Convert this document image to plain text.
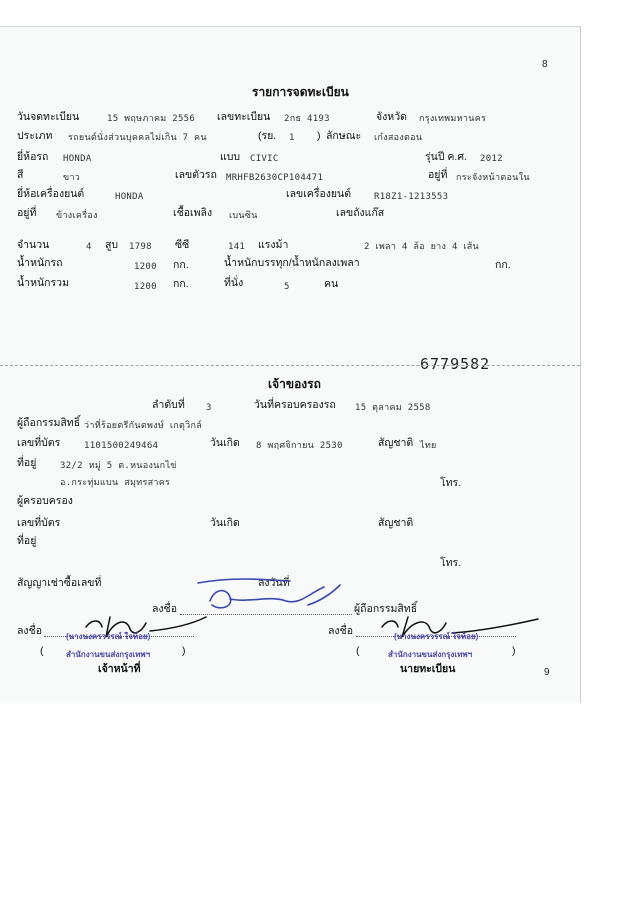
8
รายการจดทะเบียน
วันจดทะเบียน	15 พฤษภาคม 2556 เลขทะเบียน 2กธ 4193	จังหวัด กรุงเทพมหานคร
ประเภท รถยนต์นั่งส่วนบุคคลไม่เกิน 7 คน	(รย. 1 ) ลักษณะ เก๋งสองตอน
ยี่ห้อรถ HONDA	แบบ CIVIC	รุ่นปี ค.ศ. 2012
สี	ขาว	เลขตัวรถ MRHFB2630CP104471	อยู่ที่ กระจังหน้าตอนใน
ยี่ห้อเครื่องยนต์	HONDA	เลขเครื่องยนต์	R18Z1-1213553
อยู่ที่ ข้างเครื่อง	เชื้อเพลิง เบนซิน	เลขถังแก๊ส
จำนวน	4 สูบ 1798 ซีซี	141 แรงม้า	2 เพลา 4 ล้อ ยาง 4 เส้น
น้ำหนักรถ	1200 กก.	น้ำหนักบรรทุก/น้ำหนักลงเพลา	กก.
น้ำหนักรวม	1200 กก.	ที่นั่ง	5	คน
6779582
เจ้าของรถ
ลำดับที่ 3	วันที่ครอบครองรถ 15 ตุลาคม 2558
ผู้ถือกรรมสิทธิ์ ว่าที่ร้อยตรีกันตพงษ์ เกตุวิกล์
เลขที่บัตร	1101500249464	วันเกิด 8 พฤศจิกายน 2530	สัญชาติ ไทย
ที่อยู่	32/2 หมู่ 5 ต.หนองนกไข่
อ.กระทุ่มแบน สมุทรสาคร	โทร.
ผู้ครอบครอง
เลขที่บัตร	วันเกิด	สัญชาติ
ที่อยู่
โทร.
สัญญาเช่าซื้อเลขที่	ลงวันที่
ลงชื่อ	ผู้ถือกรรมสิทธิ์
ลงชื่อ	(นางนงครวรรณ์ ใจห้อย)
สำนักงานขนส่งกรุงเทพฯ
(	)
เจ้าหน้าที่
ลงชื่อ	(นางนงครวรรณ์ ใจห้อย)
สำนักงานขนส่งกรุงเทพฯ
(	)
นายทะเบียน	9
